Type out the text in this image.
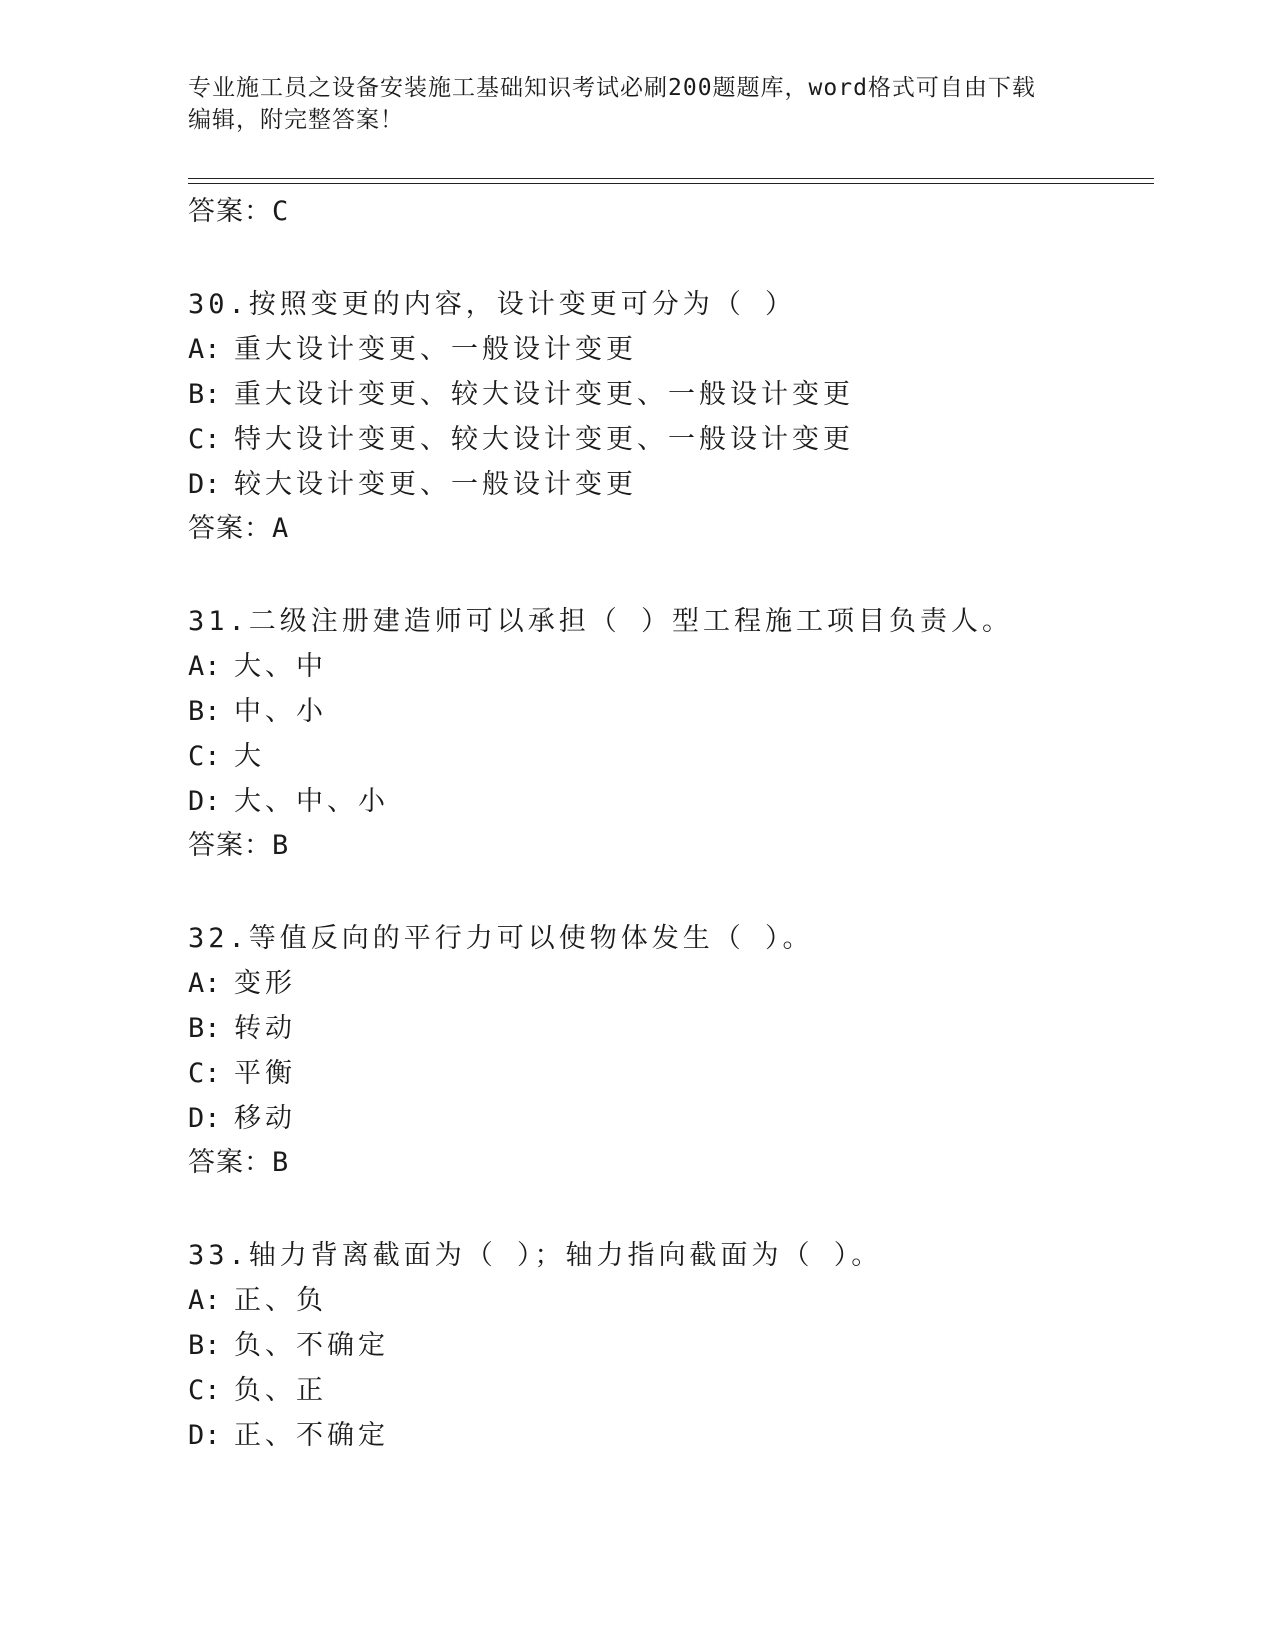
专业施工员之设备安装施工基础知识考试必刷200题题库，word格式可自由下载
编辑，附完整答案！
答案：C
30.按照变更的内容，设计变更可分为（ ）
A: 重大设计变更、一般设计变更
B: 重大设计变更、较大设计变更、一般设计变更
C: 特大设计变更、较大设计变更、一般设计变更
D: 较大设计变更、一般设计变更
答案：A
31.二级注册建造师可以承担（ ）型工程施工项目负责人。
A: 大、中
B: 中、小
C: 大
D: 大、中、小
答案：B
32.等值反向的平行力可以使物体发生（ ）。
A: 变形
B: 转动
C: 平衡
D: 移动
答案：B
33.轴力背离截面为（ ）；轴力指向截面为（ ）。
A: 正、负
B: 负、不确定
C: 负、正
D: 正、不确定
